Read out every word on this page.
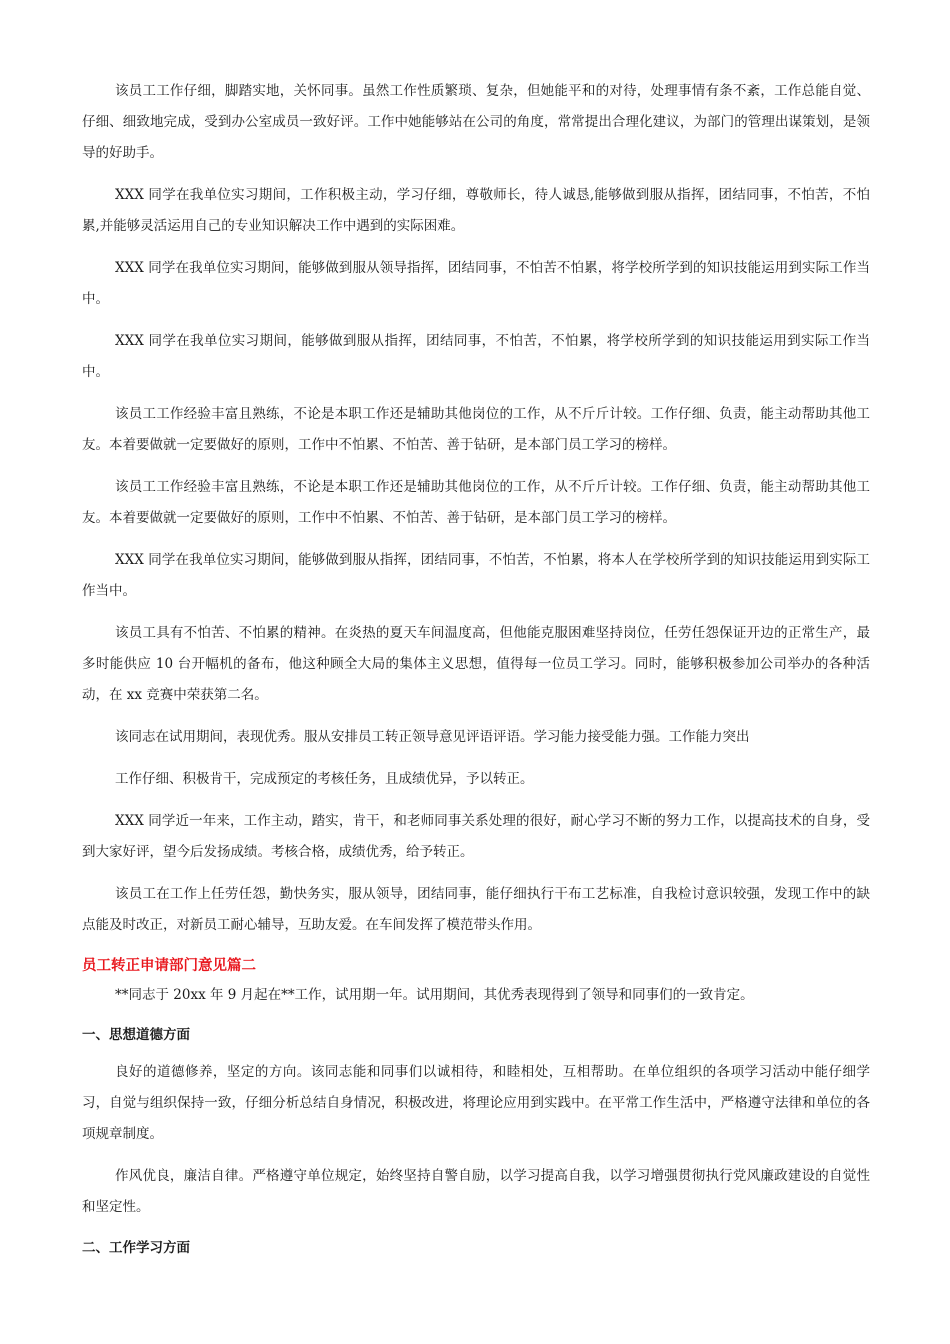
该员工工作仔细，脚踏实地，关怀同事。虽然工作性质繁琐、复杂，但她能平和的对待，处理事情有条不紊，工作总能自觉、仔细、细致地完成，受到办公室成员一致好评。工作中她能够站在公司的角度，常常提出合理化建议，为部门的管理出谋策划，是领导的好助手。

XXX 同学在我单位实习期间，工作积极主动，学习仔细，尊敬师长，待人诚恳,能够做到服从指挥，团结同事，不怕苦，不怕累,并能够灵活运用自己的专业知识解决工作中遇到的实际困难。

XXX 同学在我单位实习期间，能够做到服从领导指挥，团结同事，不怕苦不怕累，将学校所学到的知识技能运用到实际工作当中。

XXX 同学在我单位实习期间，能够做到服从指挥，团结同事，不怕苦，不怕累，将学校所学到的知识技能运用到实际工作当中。

该员工工作经验丰富且熟练，不论是本职工作还是辅助其他岗位的工作，从不斤斤计较。工作仔细、负责，能主动帮助其他工友。本着要做就一定要做好的原则，工作中不怕累、不怕苦、善于钻研，是本部门员工学习的榜样。

该员工工作经验丰富且熟练，不论是本职工作还是辅助其他岗位的工作，从不斤斤计较。工作仔细、负责，能主动帮助其他工友。本着要做就一定要做好的原则，工作中不怕累、不怕苦、善于钻研，是本部门员工学习的榜样。

XXX 同学在我单位实习期间，能够做到服从指挥，团结同事，不怕苦，不怕累，将本人在学校所学到的知识技能运用到实际工作当中。

该员工具有不怕苦、不怕累的精神。在炎热的夏天车间温度高，但他能克服困难坚持岗位，任劳任怨保证开边的正常生产，最多时能供应 10 台开幅机的备布，他这种顾全大局的集体主义思想，值得每一位员工学习。同时，能够积极参加公司举办的各种活动，在 xx 竞赛中荣获第二名。

该同志在试用期间，表现优秀。服从安排员工转正领导意见评语评语。学习能力接受能力强。工作能力突出

工作仔细、积极肯干，完成预定的考核任务，且成绩优异，予以转正。

XXX 同学近一年来，工作主动，踏实，肯干，和老师同事关系处理的很好，耐心学习不断的努力工作，以提高技术的自身，受到大家好评，望今后发扬成绩。考核合格，成绩优秀，给予转正。

该员工在工作上任劳任怨，勤快务实，服从领导，团结同事，能仔细执行干布工艺标准，自我检讨意识较强，发现工作中的缺点能及时改正，对新员工耐心辅导，互助友爱。在车间发挥了模范带头作用。

员工转正申请部门意见篇二

**同志于 20xx 年 9 月起在**工作，试用期一年。试用期间，其优秀表现得到了领导和同事们的一致肯定。

一、思想道德方面

良好的道德修养，坚定的方向。该同志能和同事们以诚相待，和睦相处，互相帮助。在单位组织的各项学习活动中能仔细学习，自觉与组织保持一致，仔细分析总结自身情况，积极改进，将理论应用到实践中。在平常工作生活中，严格遵守法律和单位的各项规章制度。

作风优良，廉洁自律。严格遵守单位规定，始终坚持自警自励，以学习提高自我，以学习增强贯彻执行党风廉政建设的自觉性和坚定性。

二、工作学习方面
